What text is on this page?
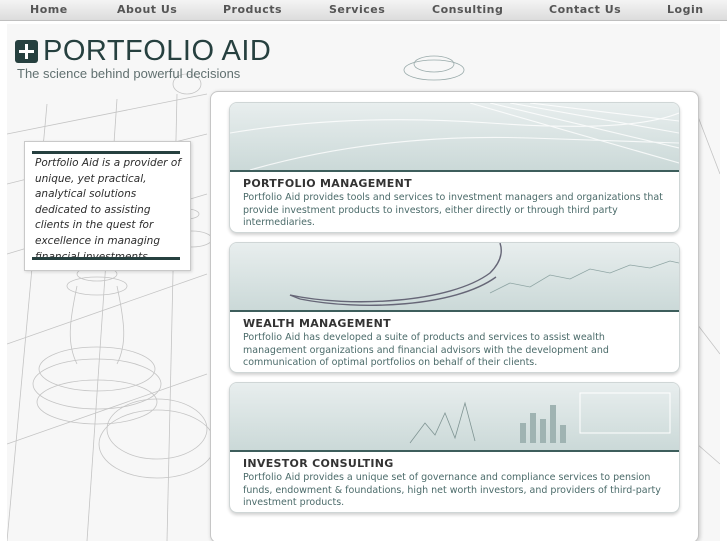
Home	About Us	Products	Services	Consulting	Contact Us	Login
PORTFOLIO AID
The science behind powerful decisions
Portfolio Aid is a provider of unique, yet practical, analytical solutions dedicated to assisting clients in the quest for excellence in managing
PORTFOLIO MANAGEMENT
Portfolio Aid provides tools and services to investment managers and organizations that provide investment products to investors, either directly or through third party intermediaries.
WEALTH MANAGEMENT
Portfolio Aid has developed a suite of products and services to assist wealth management organizations and financial advisors with the development and communication of optimal portfolios on behalf of their clients.
INVESTOR CONSULTING
Portfolio Aid provides a unique set of governance and compliance services to pension funds, endowment & foundations, high net worth investors, and providers of third-party investment products.
